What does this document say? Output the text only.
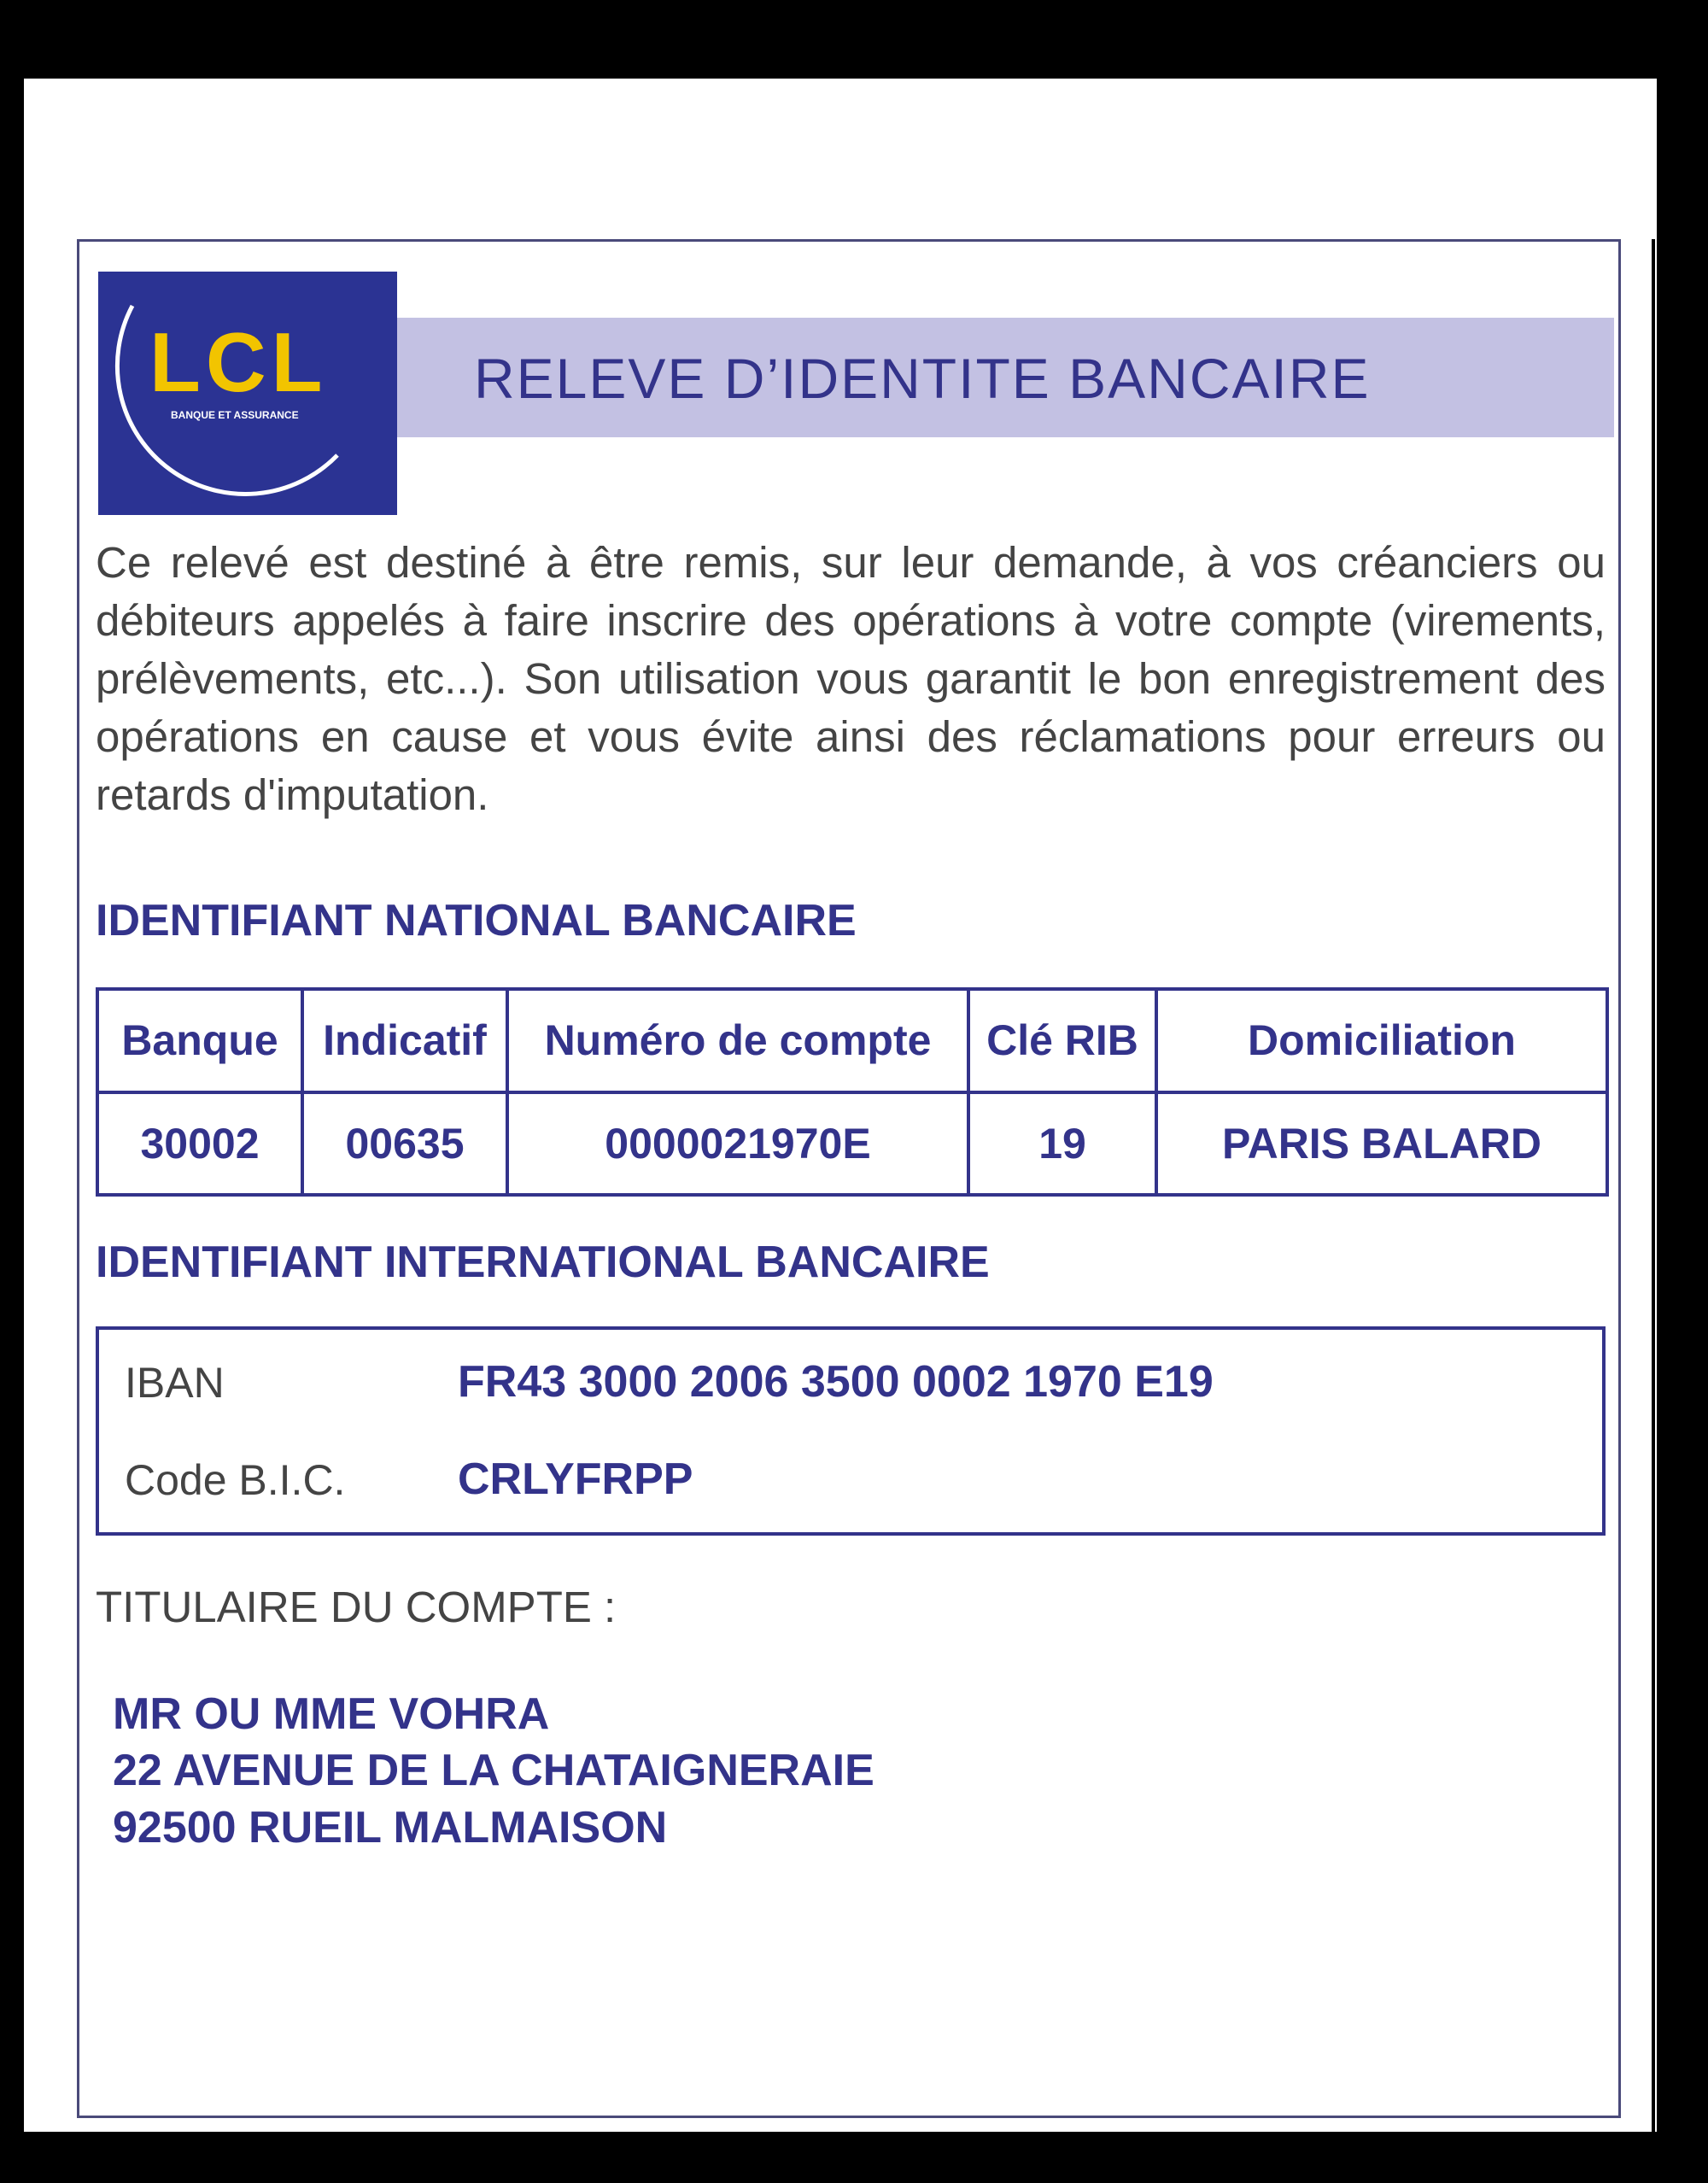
LCL
BANQUE ET ASSURANCE
RELEVE D’IDENTITE BANCAIRE
Ce relevé est destiné à être remis, sur leur demande, à vos créanciers ou débiteurs appelés à faire inscrire des opérations à votre compte (virements, prélèvements, etc...). Son utilisation vous garantit le bon enregistrement des opérations en cause et vous évite ainsi des réclamations pour erreurs ou retards d'imputation.
IDENTIFIANT NATIONAL BANCAIRE
Banque	Indicatif	Numéro de compte	Clé RIB	Domiciliation
30002	00635	0000021970E	19	PARIS BALARD
IDENTIFIANT INTERNATIONAL BANCAIRE
IBAN	FR43 3000 2006 3500 0002 1970 E19
Code B.I.C.	CRLYFRPP
TITULAIRE DU COMPTE :
MR OU MME VOHRA
22 AVENUE DE LA CHATAIGNERAIE
92500 RUEIL MALMAISON
